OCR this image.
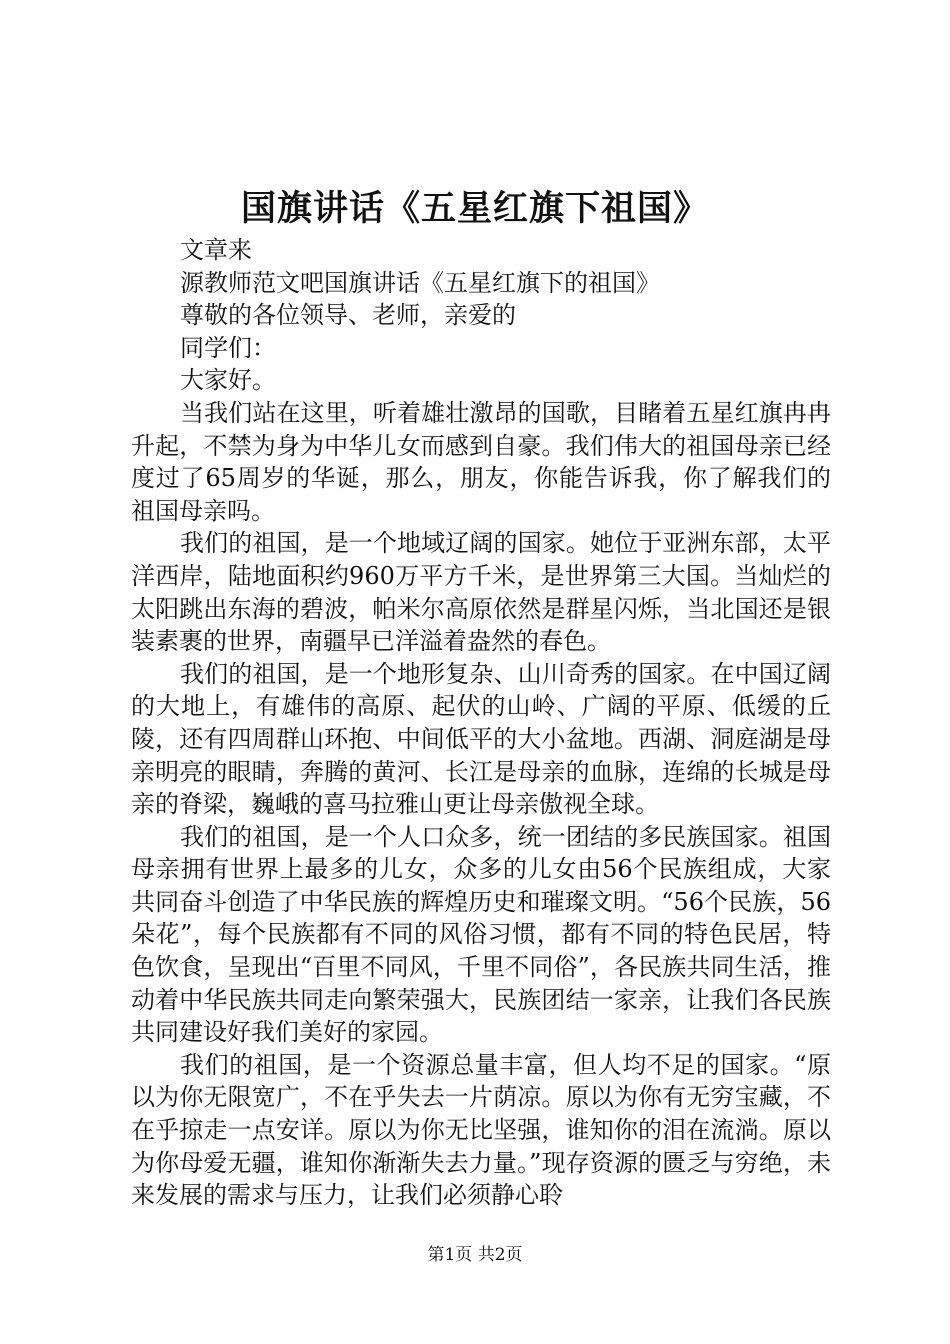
国旗讲话《五星红旗下祖国》

文章来

源教师范文吧国旗讲话《五星红旗下的祖国》

尊敬的各位领导、老师，亲爱的

同学们：

大家好。

当我们站在这里，听着雄壮激昂的国歌，目睹着五星红旗冉冉升起，不禁为身为中华儿女而感到自豪。我们伟大的祖国母亲已经度过了65周岁的华诞，那么，朋友，你能告诉我，你了解我们的祖国母亲吗。

我们的祖国，是一个地域辽阔的国家。她位于亚洲东部，太平洋西岸，陆地面积约960万平方千米，是世界第三大国。当灿烂的太阳跳出东海的碧波，帕米尔高原依然是群星闪烁，当北国还是银装素裹的世界，南疆早已洋溢着盎然的春色。

我们的祖国，是一个地形复杂、山川奇秀的国家。在中国辽阔的大地上，有雄伟的高原、起伏的山岭、广阔的平原、低缓的丘陵，还有四周群山环抱、中间低平的大小盆地。西湖、洞庭湖是母亲明亮的眼睛，奔腾的黄河、长江是母亲的血脉，连绵的长城是母亲的脊梁，巍峨的喜马拉雅山更让母亲傲视全球。

我们的祖国，是一个人口众多，统一团结的多民族国家。祖国母亲拥有世界上最多的儿女，众多的儿女由56个民族组成，大家共同奋斗创造了中华民族的辉煌历史和璀璨文明。“56个民族，56朵花”，每个民族都有不同的风俗习惯，都有不同的特色民居，特色饮食，呈现出“百里不同风，千里不同俗”，各民族共同生活，推动着中华民族共同走向繁荣强大，民族团结一家亲，让我们各民族共同建设好我们美好的家园。

我们的祖国，是一个资源总量丰富，但人均不足的国家。“原以为你无限宽广，不在乎失去一片荫凉。原以为你有无穷宝藏，不在乎掠走一点安详。原以为你无比坚强，谁知你的泪在流淌。原以为你母爱无疆，谁知你渐渐失去力量。”现存资源的匮乏与穷绝，未来发展的需求与压力，让我们必须静心聆

第1页 共2页
